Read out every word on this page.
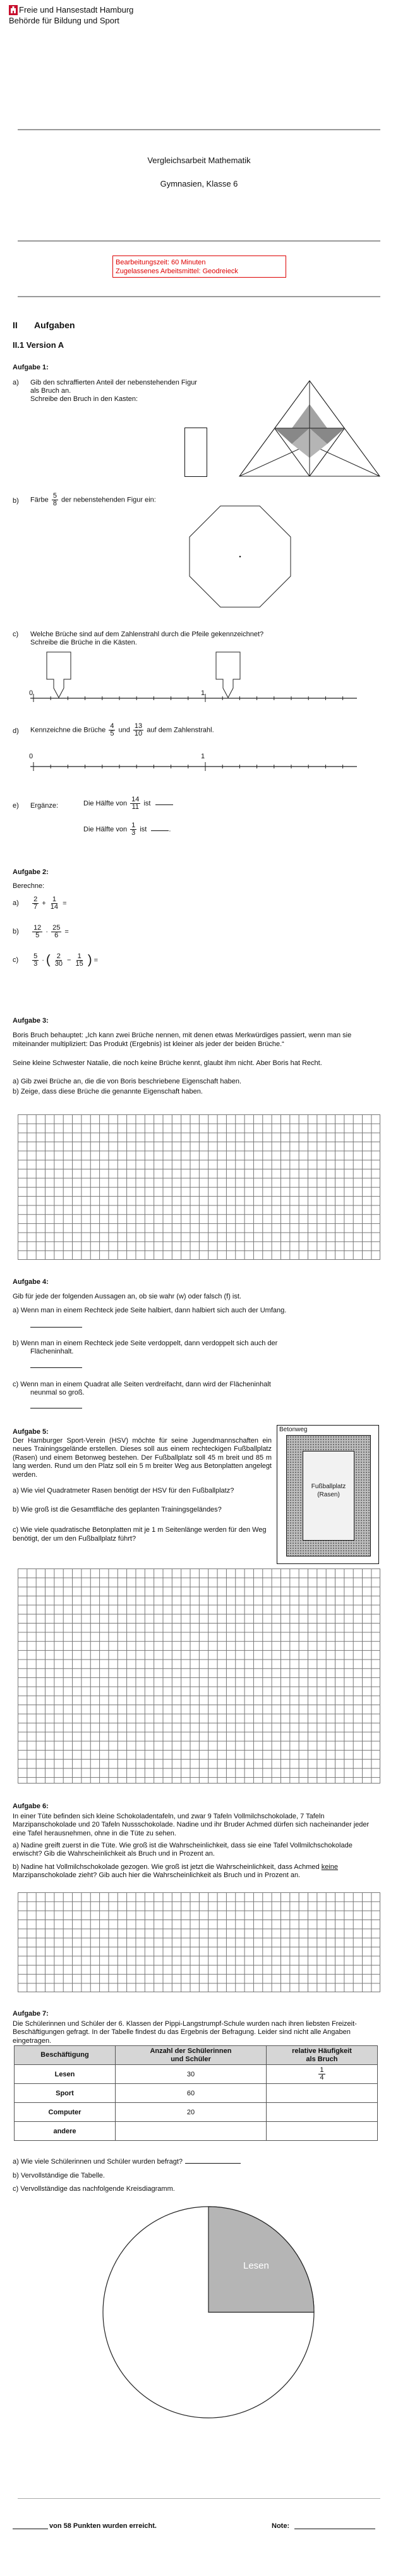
Freie und Hansestadt Hamburg
Behörde für Bildung und Sport
Vergleichsarbeit Mathematik
Gymnasien, Klasse 6
Bearbeitungszeit: 60 Minuten
Zugelassenes Arbeitsmittel: Geodreieck
II Aufgaben
II.1 Version A
Aufgabe 1:
a) Gib den schraffierten Anteil der nebenstehenden Figur
als Bruch an.
Schreibe den Bruch in den Kasten:
b) Färbe $\frac{5}{8}$ der nebenstehenden Figur ein:
c) Welche Brüche sind auf dem Zahlenstrahl durch die Pfeile gekennzeichnet?
Schreibe die Brüche in die Kästen.
0	1
d) Kennzeichne die Brüche $\frac{4}{5}$ und $\frac{13}{10}$ auf dem Zahlenstrahl.
0	1
e) Ergänze:	Die Hälfte von $\frac{14}{11}$ ist
Die Hälfte von $\frac{1}{3}$ ist	.
Aufgabe 2:
Berechne:
$a) \frac{2}{7} + \frac{1}{14}$ =
$b) \frac{12}{5} \cdot \frac{25}{6}$ =
$c) \frac{5}{3}$ · ( $\frac{2}{30} - \frac{1}{15}$ ) =
Aufgabe 3:
Boris Bruch behauptet: „Ich kann zwei Brüche nennen, mit denen etwas Merkwürdiges passiert, wenn man sie miteinander multipliziert: Das Produkt (Ergebnis) ist kleiner als jeder der beiden Brüche.“
Seine kleine Schwester Natalie, die noch keine Brüche kennt, glaubt ihm nicht. Aber Boris hat Recht.
a) Gib zwei Brüche an, die die von Boris beschriebene Eigenschaft haben.
b) Zeige, dass diese Brüche die genannte Eigenschaft haben.
Aufgabe 4:
Gib für jede der folgenden Aussagen an, ob sie wahr (w) oder falsch (f) ist.
a) Wenn man in einem Rechteck jede Seite halbiert, dann halbiert sich auch der Umfang.
b) Wenn man in einem Rechteck jede Seite verdoppelt, dann verdoppelt sich auch der
Flächeninhalt.
c) Wenn man in einem Quadrat alle Seiten verdreifacht, dann wird der Flächeninhalt
neunmal so groß.
Aufgabe 5:
Der Hamburger Sport-Verein (HSV) möchte für seine Jugendmannschaften ein neues Trainingsgelände erstellen. Dieses soll aus einem rechteckigen Fußballplatz (Rasen) und einem Betonweg bestehen. Der Fußballplatz soll 45 m breit und 85 m lang werden. Rund um den Platz soll ein 5 m breiter Weg aus Betonplatten angelegt werden.
a) Wie viel Quadratmeter Rasen benötigt der HSV für den Fußballplatz?
b) Wie groß ist die Gesamtfläche des geplanten Trainingsgeländes?
c) Wie viele quadratische Betonplatten mit je 1 m Seitenlänge werden für den Weg benötigt, der um den Fußballplatz führt?
Betonweg
Fußballplatz
(Rasen)
Aufgabe 6:
In einer Tüte befinden sich kleine Schokoladentafeln, und zwar 9 Tafeln Vollmilchschokolade, 7 Tafeln Marzipanschokolade und 20 Tafeln Nussschokolade. Nadine und ihr Bruder Achmed dürfen sich nacheinander jeder eine Tafel herausnehmen, ohne in die Tüte zu sehen.
a) Nadine greift zuerst in die Tüte. Wie groß ist die Wahrscheinlichkeit, dass sie eine Tafel Vollmilchschokolade erwischt? Gib die Wahrscheinlichkeit als Bruch und in Prozent an.
b) Nadine hat Vollmilchschokolade gezogen. Wie groß ist jetzt die Wahrscheinlichkeit, dass Achmed keine Marzipanschokolade zieht? Gib auch hier die Wahrscheinlichkeit als Bruch und in Prozent an.
Aufgabe 7:
Die Schülerinnen und Schüler der 6. Klassen der Pippi-Langstrumpf-Schule wurden nach ihren liebsten Freizeit-Beschäftigungen gefragt. In der Tabelle findest du das Ergebnis der Befragung. Leider sind nicht alle Angaben eingetragen.
Beschäftigung	Anzahl der Schülerinnen
und Schüler	relative Häufigkeit
als Bruch
Lesen	30	$\frac{1}{4}$

Sport	60	
Computer	20	
andere		
a) Wie viele Schülerinnen und Schüler wurden befragt?
b) Vervollständige die Tabelle.
c) Vervollständige das nachfolgende Kreisdiagramm.
Lesen
von 58 Punkten wurden erreicht.	Note:
